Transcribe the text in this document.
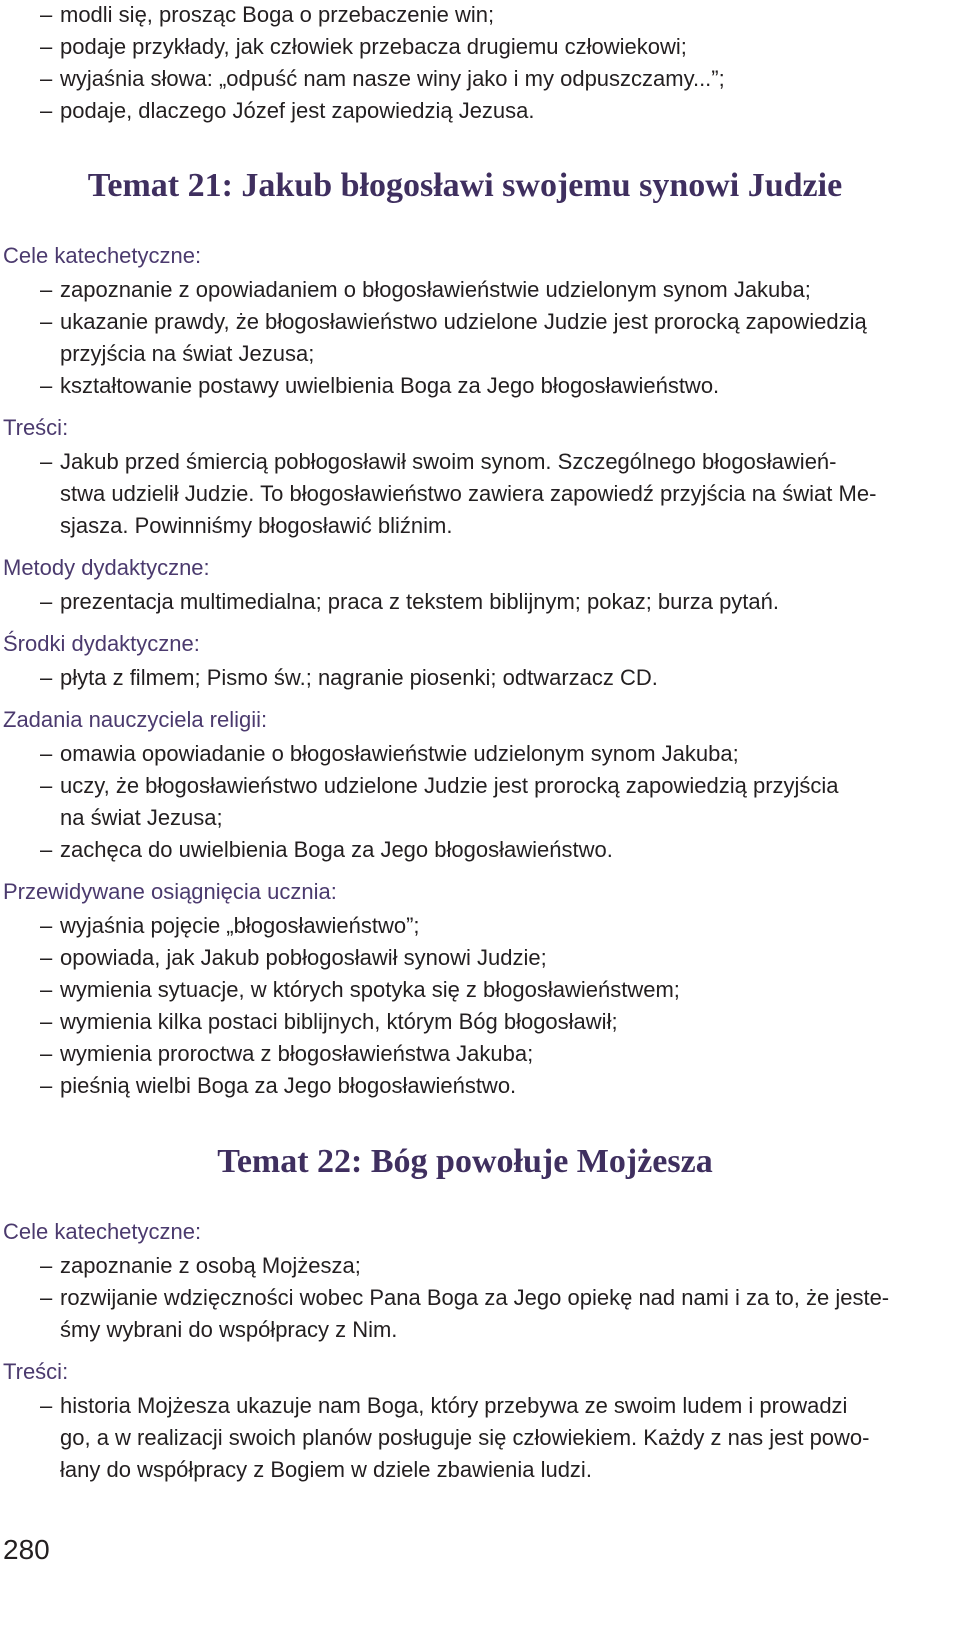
– modli się, prosząc Boga o przebaczenie win;
– podaje przykłady, jak człowiek przebacza drugiemu człowiekowi;
– wyjaśnia słowa: „odpuść nam nasze winy jako i my odpuszczamy...”;
– podaje, dlaczego Józef jest zapowiedzią Jezusa.
Temat 21: Jakub błogosławi swojemu synowi Judzie
Cele katechetyczne:
– zapoznanie z opowiadaniem o błogosławieństwie udzielonym synom Jakuba;
– ukazanie prawdy, że błogosławieństwo udzielone Judzie jest prorocką zapowiedzią
przyjścia na świat Jezusa;
– kształtowanie postawy uwielbienia Boga za Jego błogosławieństwo.
Treści:
– Jakub przed śmiercią pobłogosławił swoim synom. Szczególnego błogosławień-
stwa udzielił Judzie. To błogosławieństwo zawiera zapowiedź przyjścia na świat Me-
sjasza. Powinniśmy błogosławić bliźnim.
Metody dydaktyczne:
– prezentacja multimedialna; praca z tekstem biblijnym; pokaz; burza pytań.
Środki dydaktyczne:
– płyta z filmem; Pismo św.; nagranie piosenki; odtwarzacz CD.
Zadania nauczyciela religii:
– omawia opowiadanie o błogosławieństwie udzielonym synom Jakuba;
– uczy, że błogosławieństwo udzielone Judzie jest prorocką zapowiedzią przyjścia
na świat Jezusa;
– zachęca do uwielbienia Boga za Jego błogosławieństwo.
Przewidywane osiągnięcia ucznia:
– wyjaśnia pojęcie „błogosławieństwo”;
– opowiada, jak Jakub pobłogosławił synowi Judzie;
– wymienia sytuacje, w których spotyka się z błogosławieństwem;
– wymienia kilka postaci biblijnych, którym Bóg błogosławił;
– wymienia proroctwa z błogosławieństwa Jakuba;
– pieśnią wielbi Boga za Jego błogosławieństwo.
Temat 22: Bóg powołuje Mojżesza
Cele katechetyczne:
– zapoznanie z osobą Mojżesza;
– rozwijanie wdzięczności wobec Pana Boga za Jego opiekę nad nami i za to, że jeste-
śmy wybrani do współpracy z Nim.
Treści:
– historia Mojżesza ukazuje nam Boga, który przebywa ze swoim ludem i prowadzi
go, a w realizacji swoich planów posługuje się człowiekiem. Każdy z nas jest powo-
łany do współpracy z Bogiem w dziele zbawienia ludzi.
280
